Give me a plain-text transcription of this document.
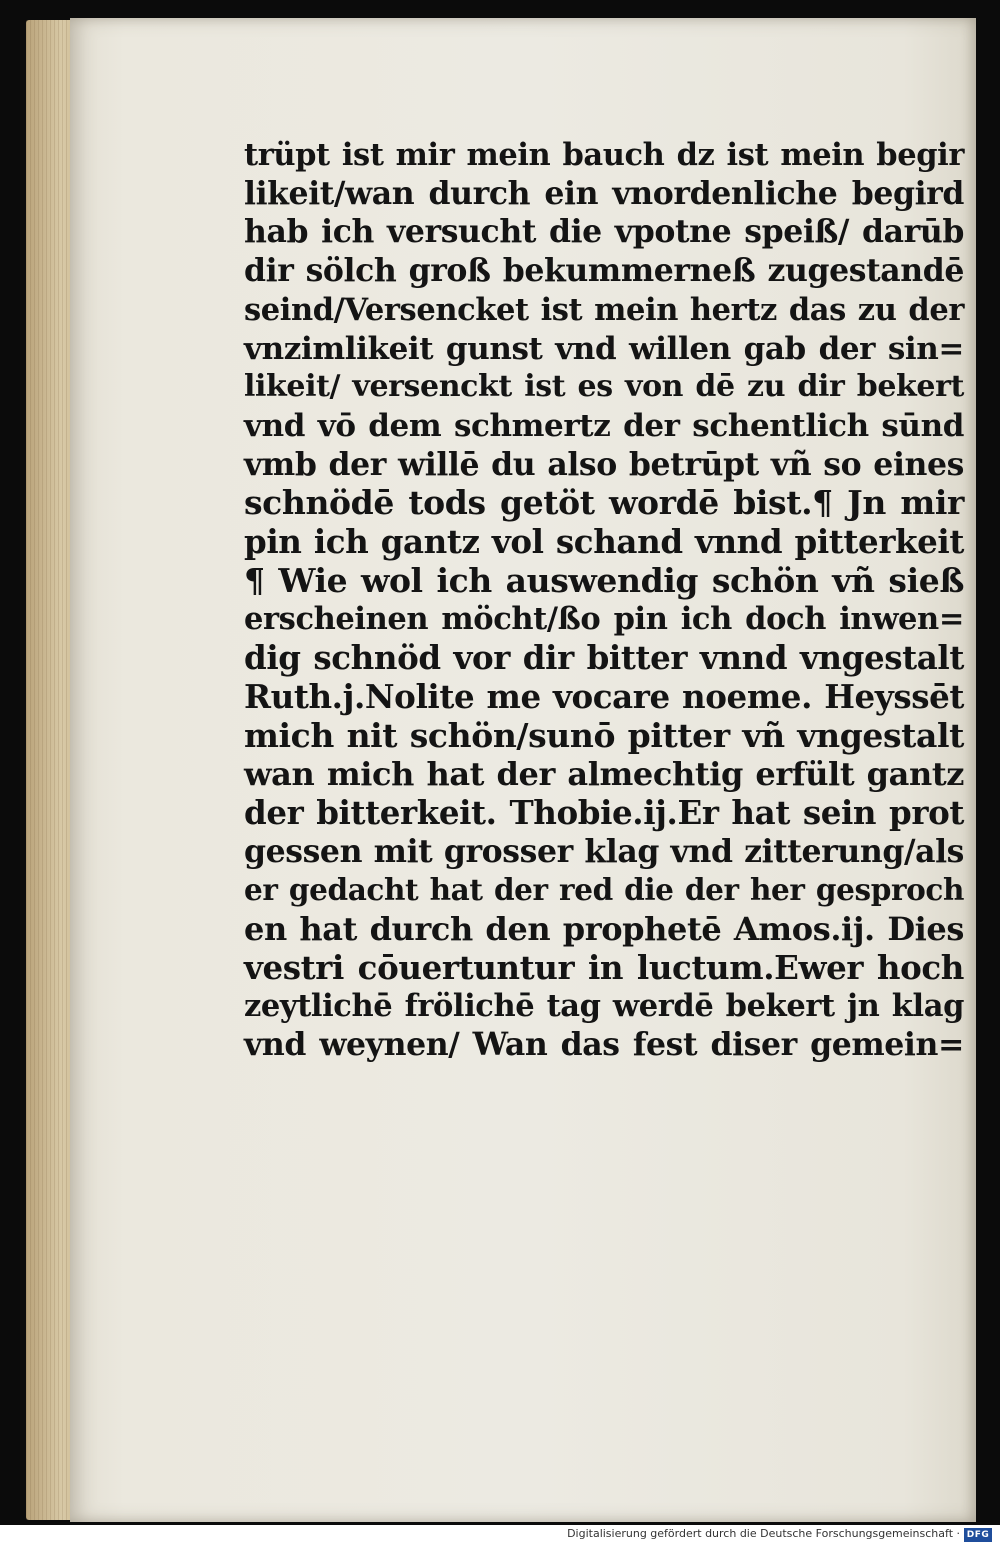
trüpt ist mir mein bauch dz ist mein begir
likeit/wan durch ein vnordenliche begird
hab ich versucht die vpotne speiß/ darūb
dir sölch groß bekummerneß zugestandē
seind/Versencket ist mein hertz das zu der
vnzimlikeit gunst vnd willen gab der sin=
likeit/ versenckt ist es von dē zu dir bekert
vnd vō dem schmertz der schentlich sūnd
vmb der willē du also betrūpt vñ so eines
schnödē tods getöt wordē bist.¶ Jn mir
pin ich gantz vol schand vnnd pitterkeit
¶ Wie wol ich auswendig schön vñ sieß
erscheinen möcht/ßo pin ich doch inwen=
dig schnöd vor dir bitter vnnd vngestalt
Ruth.j.Nolite me vocare noeme. Heyssēt
mich nit schön/sunō pitter vñ vngestalt
wan mich hat der almechtig erfült gantz
der bitterkeit. Thobie.ij.Er hat sein prot
gessen mit grosser klag vnd zitterung/als
er gedacht hat der red die der her gesproch
en hat durch den prophetē Amos.ij. Dies
vestri cōuertuntur in luctum.Ewer hoch
zeytlichē frölichē tag werdē bekert jn klag
vnd weynen/ Wan das fest diser gemein=
Digitalisierung gefördert durch die Deutsche Forschungsgemeinschaft · DFG
